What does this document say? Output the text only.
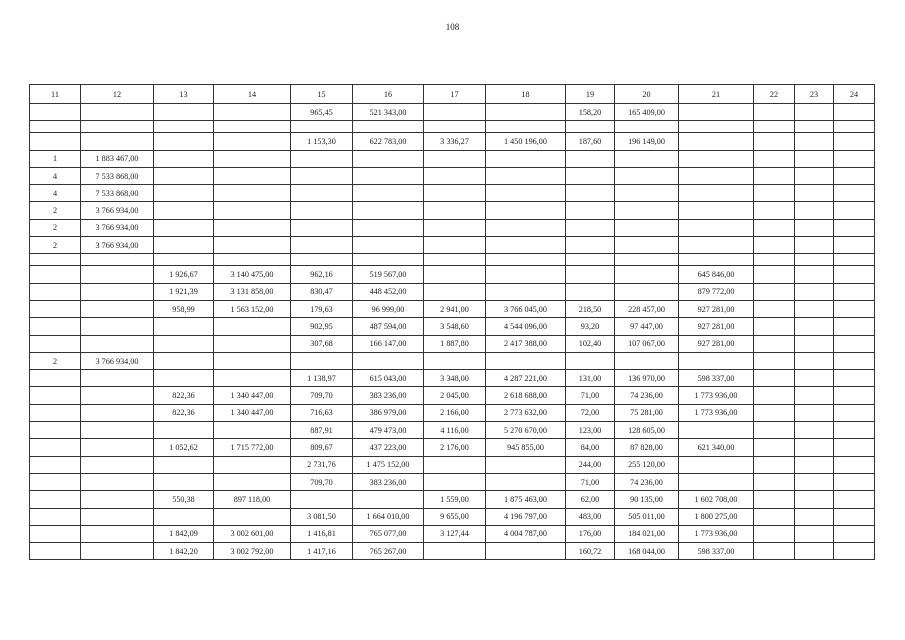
108
11	12	13	14	15	16	17	18	19	20	21	22	23	24
				965,45	521 343,00			158,20	165 409,00				

				1 153,30	622 783,00	3 336,27	1 450 196,00	187,60	196 149,00				
1	1 883 467,00												
4	7 533 868,00												
4	7 533 868,00												
2	3 766 934,00												
2	3 766 934,00												
2	3 766 934,00												

		1 926,67	3 140 475,00	962,16	519 567,00					645 846,00			
		1 921,39	3 131 858,00	830,47	448 452,00					879 772,00			
		958,99	1 563 152,00	179,63	96 999,00	2 941,00	3 766 045,00	218,50	228 457,00	927 281,00			
				902,95	487 594,00	3 548,60	4 544 096,00	93,20	97 447,00	927 281,00			
				307,68	166 147,00	1 887,80	2 417 388,00	102,40	107 067,00	927 281,00			
2	3 766 934,00												
				1 138,97	615 043,00	3 348,00	4 287 221,00	131,00	136 970,00	598 337,00			
		822,36	1 340 447,00	709,70	383 236,00	2 045,00	2 618 688,00	71,00	74 236,00	1 773 936,00			
		822,36	1 340 447,00	716,63	386 979,00	2 166,00	2 773 632,00	72,00	75 281,00	1 773 936,00			
				887,91	479 473,00	4 116,00	5 270 670,00	123,00	128 605,00				
		1 052,62	1 715 772,00	809,67	437 223,00	2 176,00	945 855,00	84,00	87 828,00	621 340,00			
				2 731,76	1 475 152,00			244,00	255 120,00				
				709,70	383 236,00			71,00	74 236,00				
		550,38	897 118,00			1 559,00	1 875 463,00	62,00	90 135,00	1 602 708,00			
				3 081,50	1 664 010,00	9 655,00	4 196 797,00	483,00	505 011,00	1 800 275,00			
		1 842,09	3 002 601,00	1 416,81	765 077,00	3 127,44	4 004 787,00	176,00	184 021,00	1 773 936,00			
		1 842,20	3 002 792,00	1 417,16	765 267,00			160,72	168 044,00	598 337,00			
